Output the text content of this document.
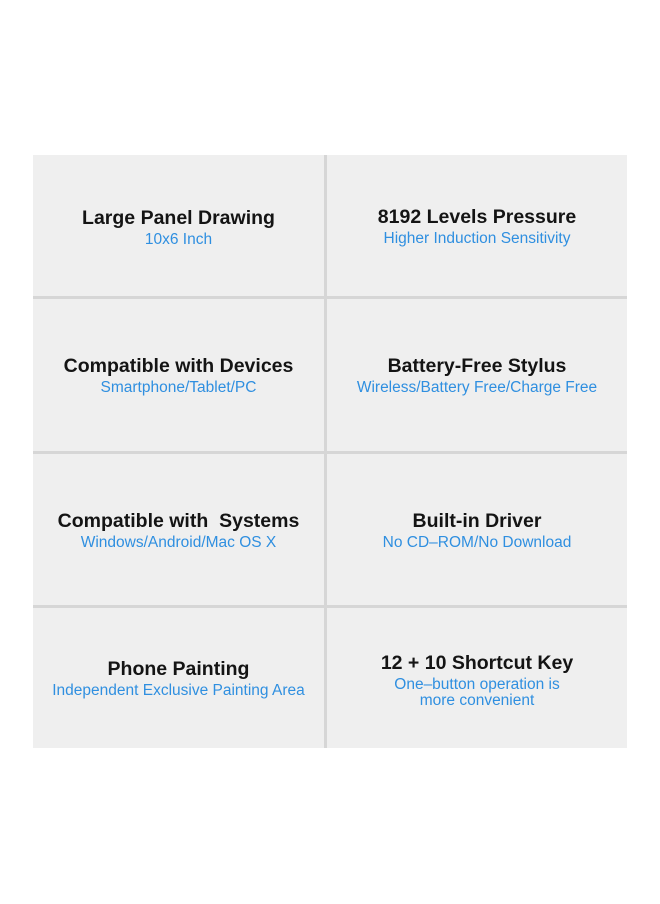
Large Panel Drawing
10x6 Inch
8192 Levels Pressure
Higher Induction Sensitivity
Compatible with Devices
Smartphone/Tablet/PC
Battery-Free Stylus
Wireless/Battery Free/Charge Free
Compatible with  Systems
Windows/Android/Mac OS X
Built-in Driver
No CD–ROM/No Download
Phone Painting
Independent Exclusive Painting Area
12 + 10 Shortcut Key
One–button operation is
more convenient
